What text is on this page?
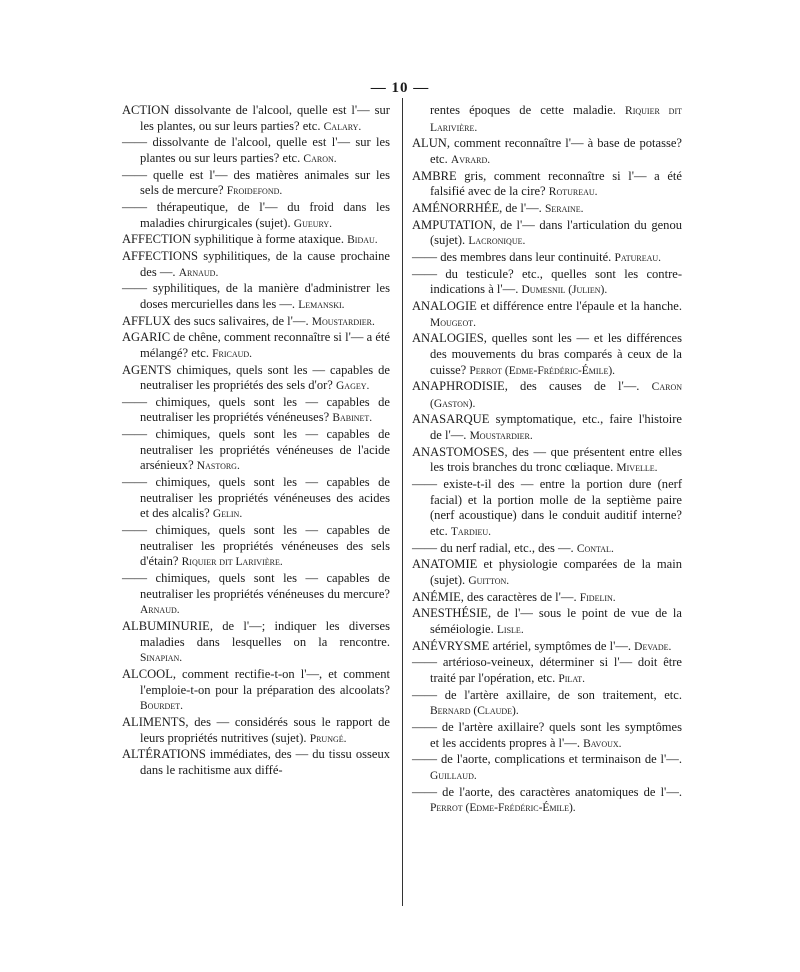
— 10 —

ACTION dissolvante de l'alcool, quelle est l'— sur les plantes, ou sur leurs parties? etc. Calary.

—— dissolvante de l'alcool, quelle est l'— sur les plantes ou sur leurs parties? etc. Caron.

—— quelle est l'— des matières animales sur les sels de mercure? Froidefond.

—— thérapeutique, de l'— du froid dans les maladies chirurgicales (sujet). Gueury.

AFFECTION syphilitique à forme ataxique. Bidau.

AFFECTIONS syphilitiques, de la cause prochaine des —. Arnaud.

—— syphilitiques, de la manière d'administrer les doses mercurielles dans les —. Lemanski.

AFFLUX des sucs salivaires, de l'—. Moustardier.

AGARIC de chêne, comment reconnaître si l'— a été mélangé? etc. Fricaud.

AGENTS chimiques, quels sont les — capables de neutraliser les propriétés des sels d'or? Gagey.

—— chimiques, quels sont les — capables de neutraliser les propriétés vénéneuses? Babinet.

—— chimiques, quels sont les — capables de neutraliser les propriétés vénéneuses de l'acide arsénieux? Nastorg.

—— chimiques, quels sont les — capables de neutraliser les propriétés vénéneuses des acides et des alcalis? Gelin.

—— chimiques, quels sont les — capables de neutraliser les propriétés vénéneuses des sels d'étain? Riquier dit Larivière.

—— chimiques, quels sont les — capables de neutraliser les propriétés vénéneuses du mercure? Arnaud.

ALBUMINURIE, de l'—; indiquer les diverses maladies dans lesquelles on la rencontre. Sinapian.

ALCOOL, comment rectifie-t-on l'—, et comment l'emploie-t-on pour la préparation des alcoolats? Bourdet.

ALIMENTS, des — considérés sous le rapport de leurs propriétés nutritives (sujet). Prungé.

ALTÉRATIONS immédiates, des — du tissu osseux dans le rachitisme aux diffé-

rentes époques de cette maladie. Riquier dit Larivière.

ALUN, comment reconnaître l'— à base de potasse? etc. Avrard.

AMBRE gris, comment reconnaître si l'— a été falsifié avec de la cire? Rotureau.

AMÉNORRHÉE, de l'—. Seraine.

AMPUTATION, de l'— dans l'articulation du genou (sujet). Lacronique.

—— des membres dans leur continuité. Patureau.

—— du testicule? etc., quelles sont les contre-indications à l'—. Dumesnil (Julien).

ANALOGIE et différence entre l'épaule et la hanche. Mougeot.

ANALOGIES, quelles sont les — et les différences des mouvements du bras comparés à ceux de la cuisse? Perrot (Edme-Frédéric-Émile).

ANAPHRODISIE, des causes de l'—. Caron (Gaston).

ANASARQUE symptomatique, etc., faire l'histoire de l'—. Moustardier.

ANASTOMOSES, des — que présentent entre elles les trois branches du tronc cœliaque. Mivelle.

—— existe-t-il des — entre la portion dure (nerf facial) et la portion molle de la septième paire (nerf acoustique) dans le conduit auditif interne? etc. Tardieu.

—— du nerf radial, etc., des —. Contal.

ANATOMIE et physiologie comparées de la main (sujet). Guitton.

ANÉMIE, des caractères de l'—. Fidelin.

ANESTHÉSIE, de l'— sous le point de vue de la séméiologie. Lisle.

ANÉVRYSME artériel, symptômes de l'—. Devade.

—— artérioso-veineux, déterminer si l'— doit être traité par l'opération, etc. Pilat.

—— de l'artère axillaire, de son traitement, etc. Bernard (Claude).

—— de l'artère axillaire? quels sont les symptômes et les accidents propres à l'—. Bavoux.

—— de l'aorte, complications et terminaison de l'—. Guillaud.

—— de l'aorte, des caractères anatomiques de l'—. Perrot (Edme-Frédéric-Émile).
